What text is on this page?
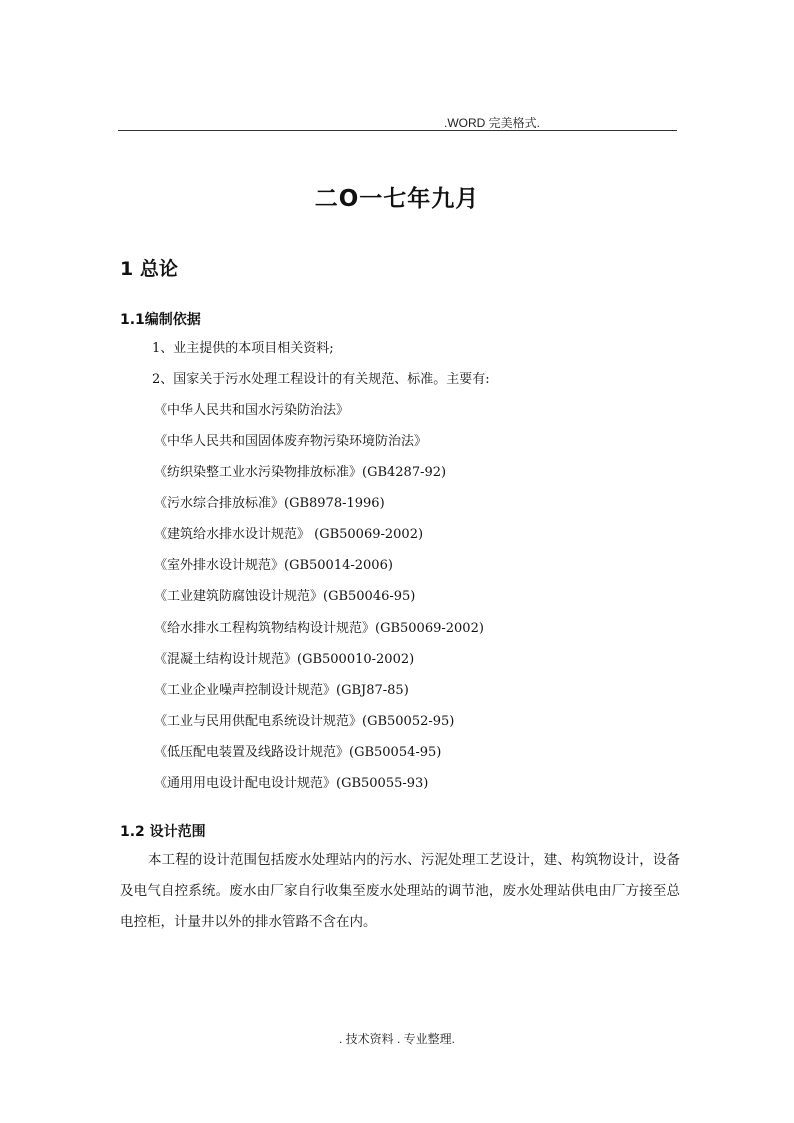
.WORD 完美格式.
二O一七年九月
1 总论
1.1编制依据
1、业主提供的本项目相关资料;
2、国家关于污水处理工程设计的有关规范、标准。主要有:
《中华人民共和国水污染防治法》
《中华人民共和国固体废弃物污染环境防治法》
《纺织染整工业水污染物排放标准》(GB4287-92)
《污水综合排放标准》(GB8978-1996)
《建筑给水排水设计规范》 (GB50069-2002)
《室外排水设计规范》(GB50014-2006)
《工业建筑防腐蚀设计规范》(GB50046-95)
《给水排水工程构筑物结构设计规范》(GB50069-2002)
《混凝土结构设计规范》(GB500010-2002)
《工业企业噪声控制设计规范》(GBJ87-85)
《工业与民用供配电系统设计规范》(GB50052-95)
《低压配电装置及线路设计规范》(GB50054-95)
《通用用电设计配电设计规范》(GB50055-93)
1.2 设计范围
本工程的设计范围包括废水处理站内的污水、污泥处理工艺设计，建、构筑物设计，设备及电气自控系统。废水由厂家自行收集至废水处理站的调节池，废水处理站供电由厂方接至总电控柜，计量井以外的排水管路不含在内。
. 技术资料 . 专业整理.
